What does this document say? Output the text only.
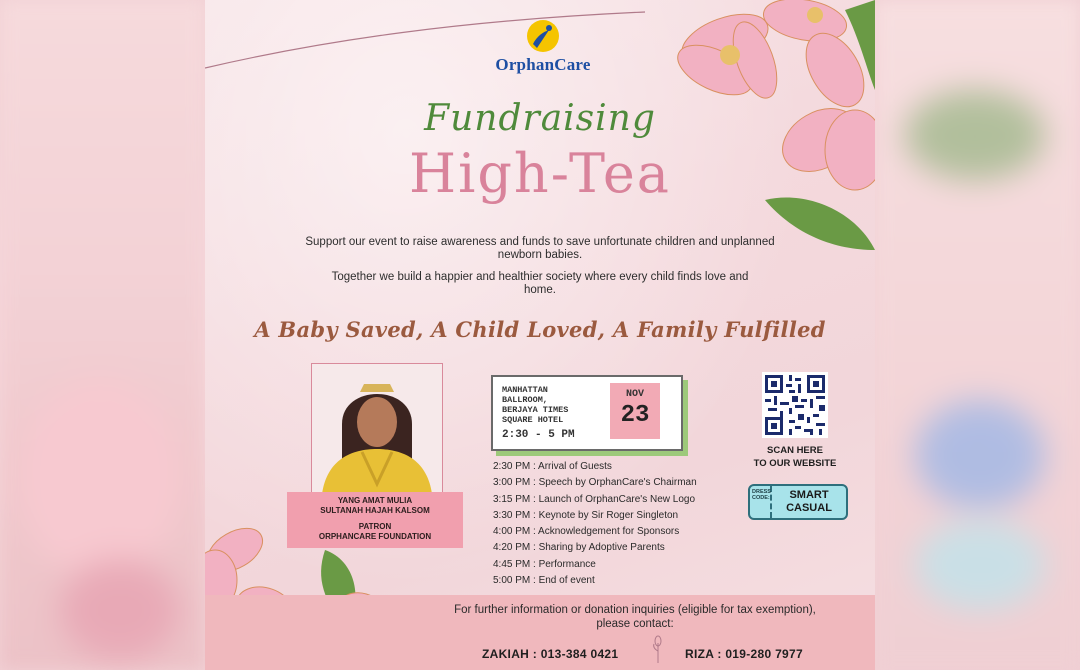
OrphanCare
Fundraising
High-Tea
Support our event to raise awareness and funds to save unfortunate children and unplanned newborn babies.
Together we build a happier and healthier society where every child finds love and home.
A Baby Saved, A Child Loved, A Family Fulfilled
YANG AMAT MULIA
SULTANAH HAJAH KALSOM
PATRON
ORPHANCARE FOUNDATION
MANHATTAN
BALLROOM,
BERJAYA TIMES
SQUARE HOTEL
2:30 - 5 PM
NOV
23
2:30 PM : Arrival of Guests
3:00 PM : Speech by OrphanCare's Chairman
3:15 PM : Launch of OrphanCare's New Logo
3:30 PM : Keynote by Sir Roger Singleton
4:00 PM : Acknowledgement for Sponsors
4:20 PM : Sharing by Adoptive Parents
4:45 PM : Performance
5:00 PM : End of event
SCAN HERE
TO OUR WEBSITE
DRESS
CODE:	SMART
CASUAL
For further information or donation inquiries (eligible for tax exemption),
please contact:
ZAKIAH : 013-384 0421	RIZA : 019-280 7977
